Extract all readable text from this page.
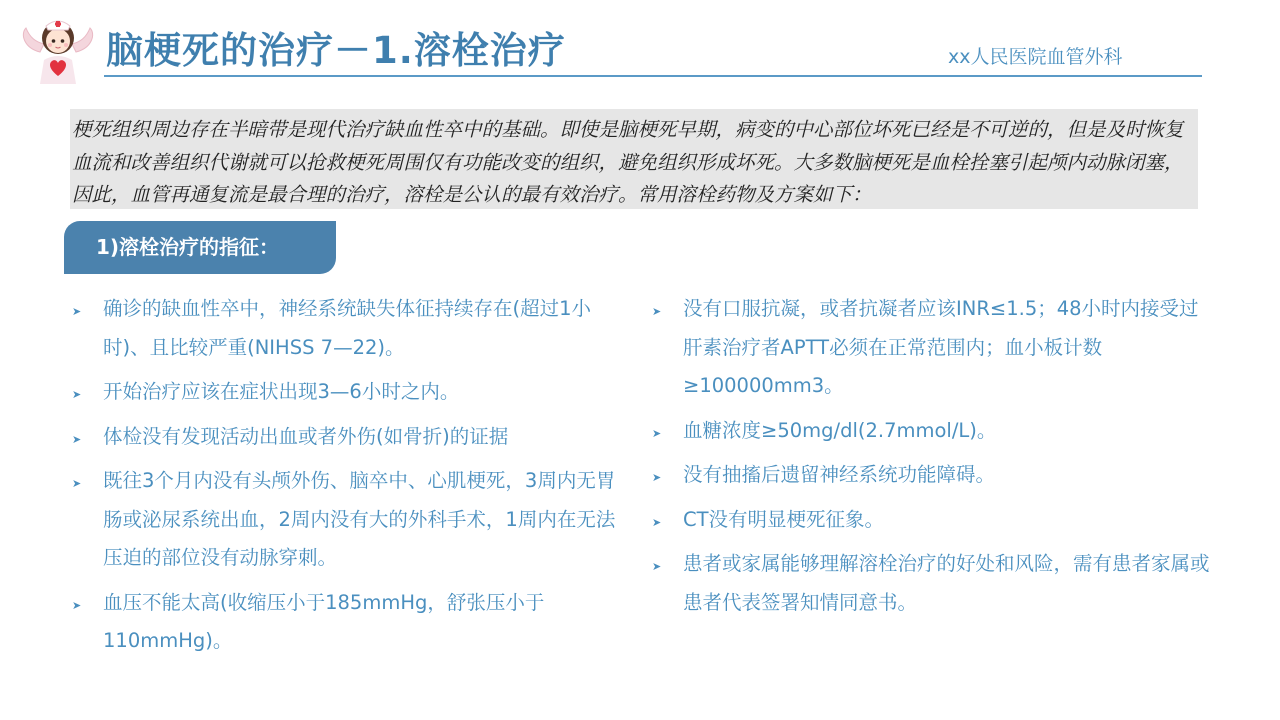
脑梗死的治疗－1.溶栓治疗	xx人民医院血管外科
梗死组织周边存在半暗带是现代治疗缺血性卒中的基础。即使是脑梗死早期，病变的中心部位坏死已经是不可逆的，但是及时恢复血流和改善组织代谢就可以抢救梗死周围仅有功能改变的组织，避免组织形成坏死。大多数脑梗死是血栓拴塞引起颅内动脉闭塞，因此，血管再通复流是最合理的治疗，溶栓是公认的最有效治疗。常用溶栓药物及方案如下：
1)溶栓治疗的指征：
➤ 确诊的缺血性卒中，神经系统缺失体征持续存在(超过1小时)、且比较严重(NIHSS 7—22)。
➤ 开始治疗应该在症状出现3—6小时之内。
➤ 体检没有发现活动出血或者外伤(如骨折)的证据
➤ 既往3个月内没有头颅外伤、脑卒中、心肌梗死，3周内无胃肠或泌尿系统出血，2周内没有大的外科手术，1周内在无法压迫的部位没有动脉穿刺。
➤ 血压不能太高(收缩压小于185mmHg，舒张压小于110mmHg)。
➤ 没有口服抗凝，或者抗凝者应该INR≤1.5；48小时内接受过肝素治疗者APTT必须在正常范围内；血小板计数≥100000mm3。
➤ 血糖浓度≥50mg/dl(2.7mmol/L)。
➤ 没有抽搐后遗留神经系统功能障碍。
➤ CT没有明显梗死征象。
➤ 患者或家属能够理解溶栓治疗的好处和风险，需有患者家属或患者代表签署知情同意书。
